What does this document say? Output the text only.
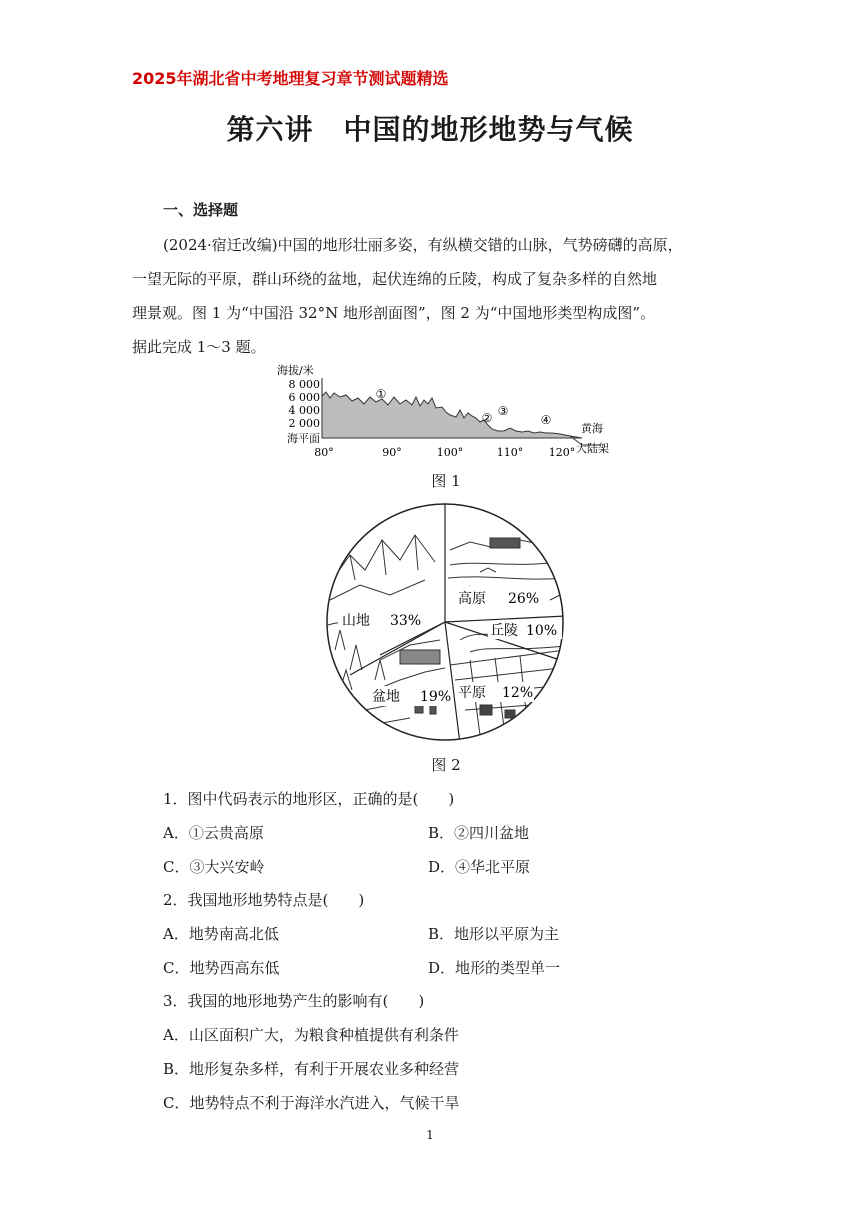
2025年湖北省中考地理复习章节测试题精选
第六讲 中国的地形地势与气候
一、选择题
(2024·宿迁改编)中国的地形壮丽多姿，有纵横交错的山脉，气势磅礴的高原，
一望无际的平原，群山环绕的盆地，起伏连绵的丘陵，构成了复杂多样的自然地
理景观。图 1 为“中国沿 32°N 地形剖面图”，图 2 为“中国地形类型构成图”。
据此完成 1～3 题。
海拔/米
8 000
6 000
4 000
2 000
海平面
①
② ③
④
黄海
大陆架
80°	90°	100°	110° 120°
图 1
山地 33%
高原 26%
丘陵 10%
平原 12%
盆地 19%
图 2
1．图中代码表示的地形区，正确的是(　　)
A．①云贵高原	B．②四川盆地
C．③大兴安岭	D．④华北平原
2．我国地形地势特点是(　　)
A．地势南高北低	B．地形以平原为主
C．地势西高东低	D．地形的类型单一
3．我国的地形地势产生的影响有(　　)
A．山区面积广大，为粮食种植提供有利条件
B．地形复杂多样，有利于开展农业多种经营
C．地势特点不利于海洋水汽进入，气候干旱
1
